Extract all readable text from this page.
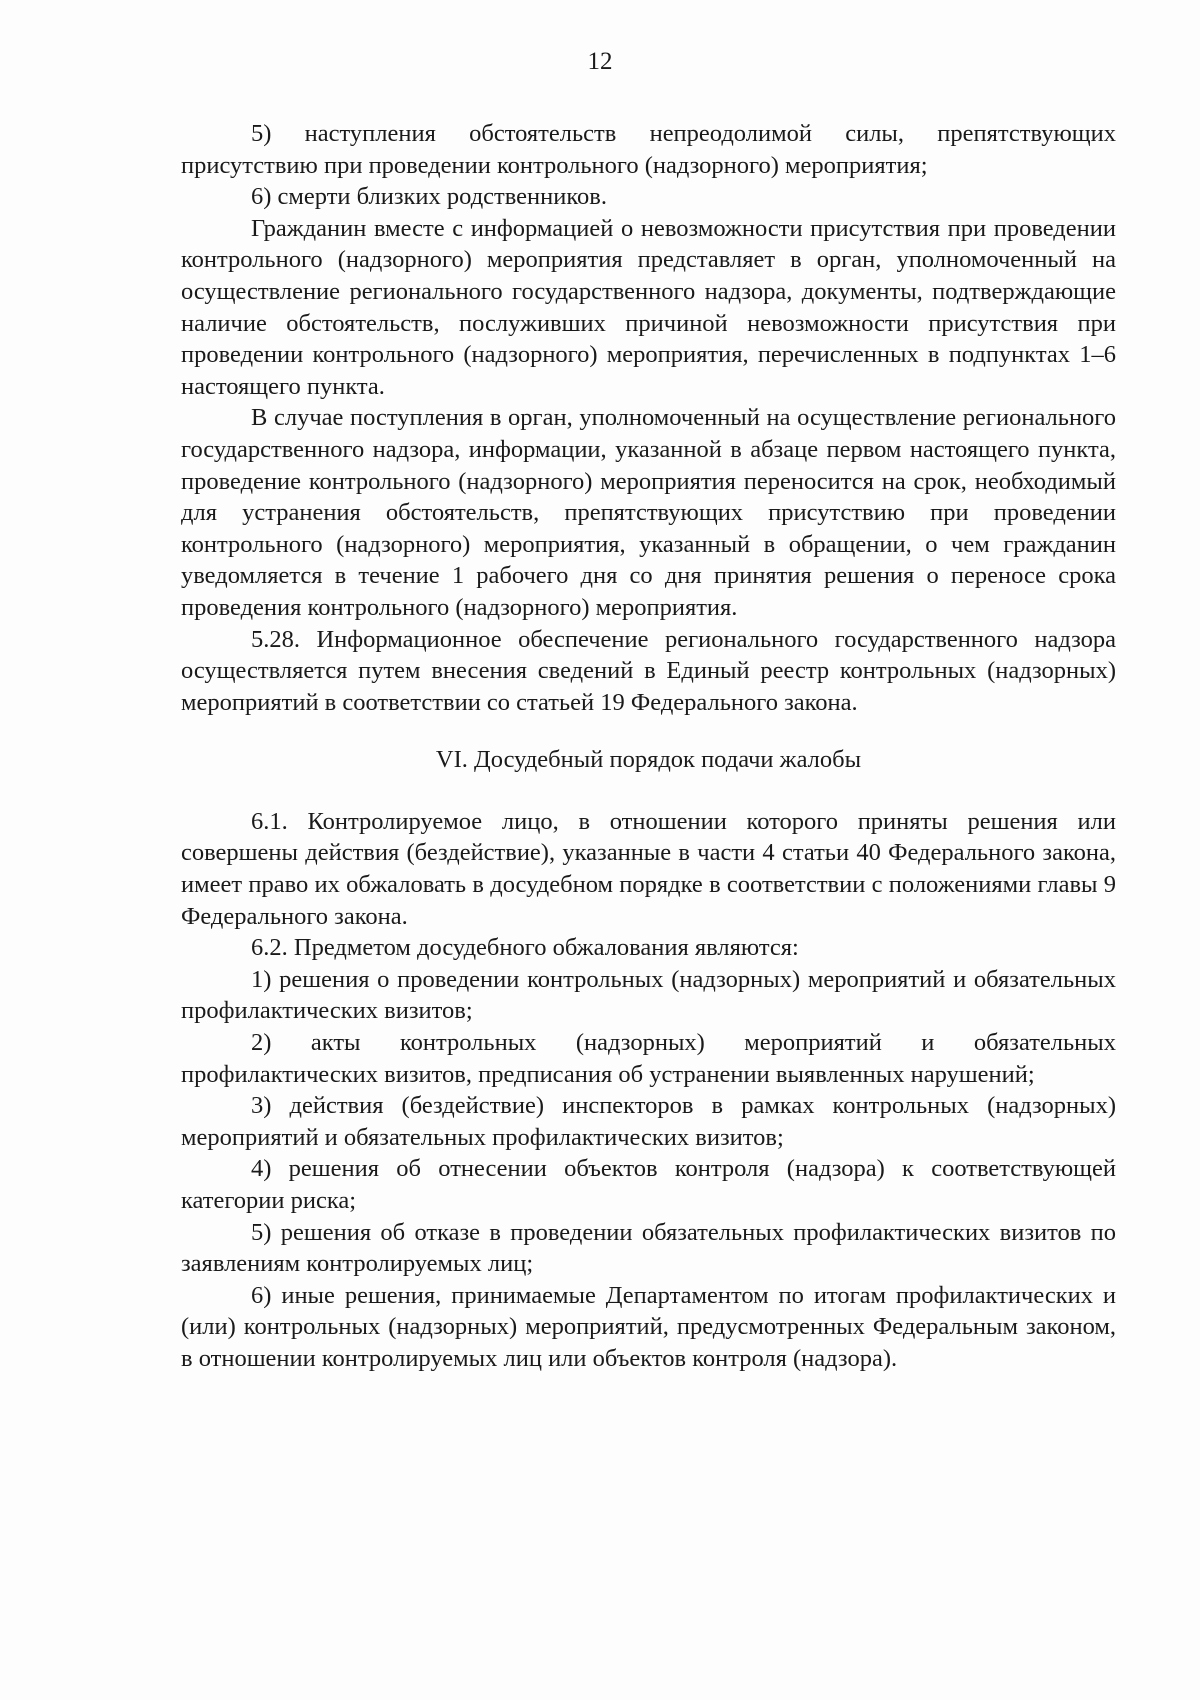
12

5) наступления обстоятельств непреодолимой силы, препятствующих присутствию при проведении контрольного (надзорного) мероприятия;

6) смерти близких родственников.

Гражданин вместе с информацией о невозможности присутствия при проведении контрольного (надзорного) мероприятия представляет в орган, уполномоченный на осуществление регионального государственного надзора, документы, подтверждающие наличие обстоятельств, послуживших причиной невозможности присутствия при проведении контрольного (надзорного) мероприятия, перечисленных в подпунктах 1–6 настоящего пункта.

В случае поступления в орган, уполномоченный на осуществление регионального государственного надзора, информации, указанной в абзаце первом настоящего пункта, проведение контрольного (надзорного) мероприятия переносится на срок, необходимый для устранения обстоятельств, препятствующих присутствию при проведении контрольного (надзорного) мероприятия, указанный в обращении, о чем гражданин уведомляется в течение 1 рабочего дня со дня принятия решения о переносе срока проведения контрольного (надзорного) мероприятия.

5.28. Информационное обеспечение регионального государственного надзора осуществляется путем внесения сведений в Единый реестр контрольных (надзорных) мероприятий в соответствии со статьей 19 Федерального закона.

VI. Досудебный порядок подачи жалобы

6.1. Контролируемое лицо, в отношении которого приняты решения или совершены действия (бездействие), указанные в части 4 статьи 40 Федерального закона, имеет право их обжаловать в досудебном порядке в соответствии с положениями главы 9 Федерального закона.

6.2. Предметом досудебного обжалования являются:

1) решения о проведении контрольных (надзорных) мероприятий и обязательных профилактических визитов;

2) акты контрольных (надзорных) мероприятий и обязательных профилактических визитов, предписания об устранении выявленных нарушений;

3) действия (бездействие) инспекторов в рамках контрольных (надзорных) мероприятий и обязательных профилактических визитов;

4) решения об отнесении объектов контроля (надзора) к соответствующей категории риска;

5) решения об отказе в проведении обязательных профилактических визитов по заявлениям контролируемых лиц;

6) иные решения, принимаемые Департаментом по итогам профилактических и (или) контрольных (надзорных) мероприятий, предусмотренных Федеральным законом, в отношении контролируемых лиц или объектов контроля (надзора).
